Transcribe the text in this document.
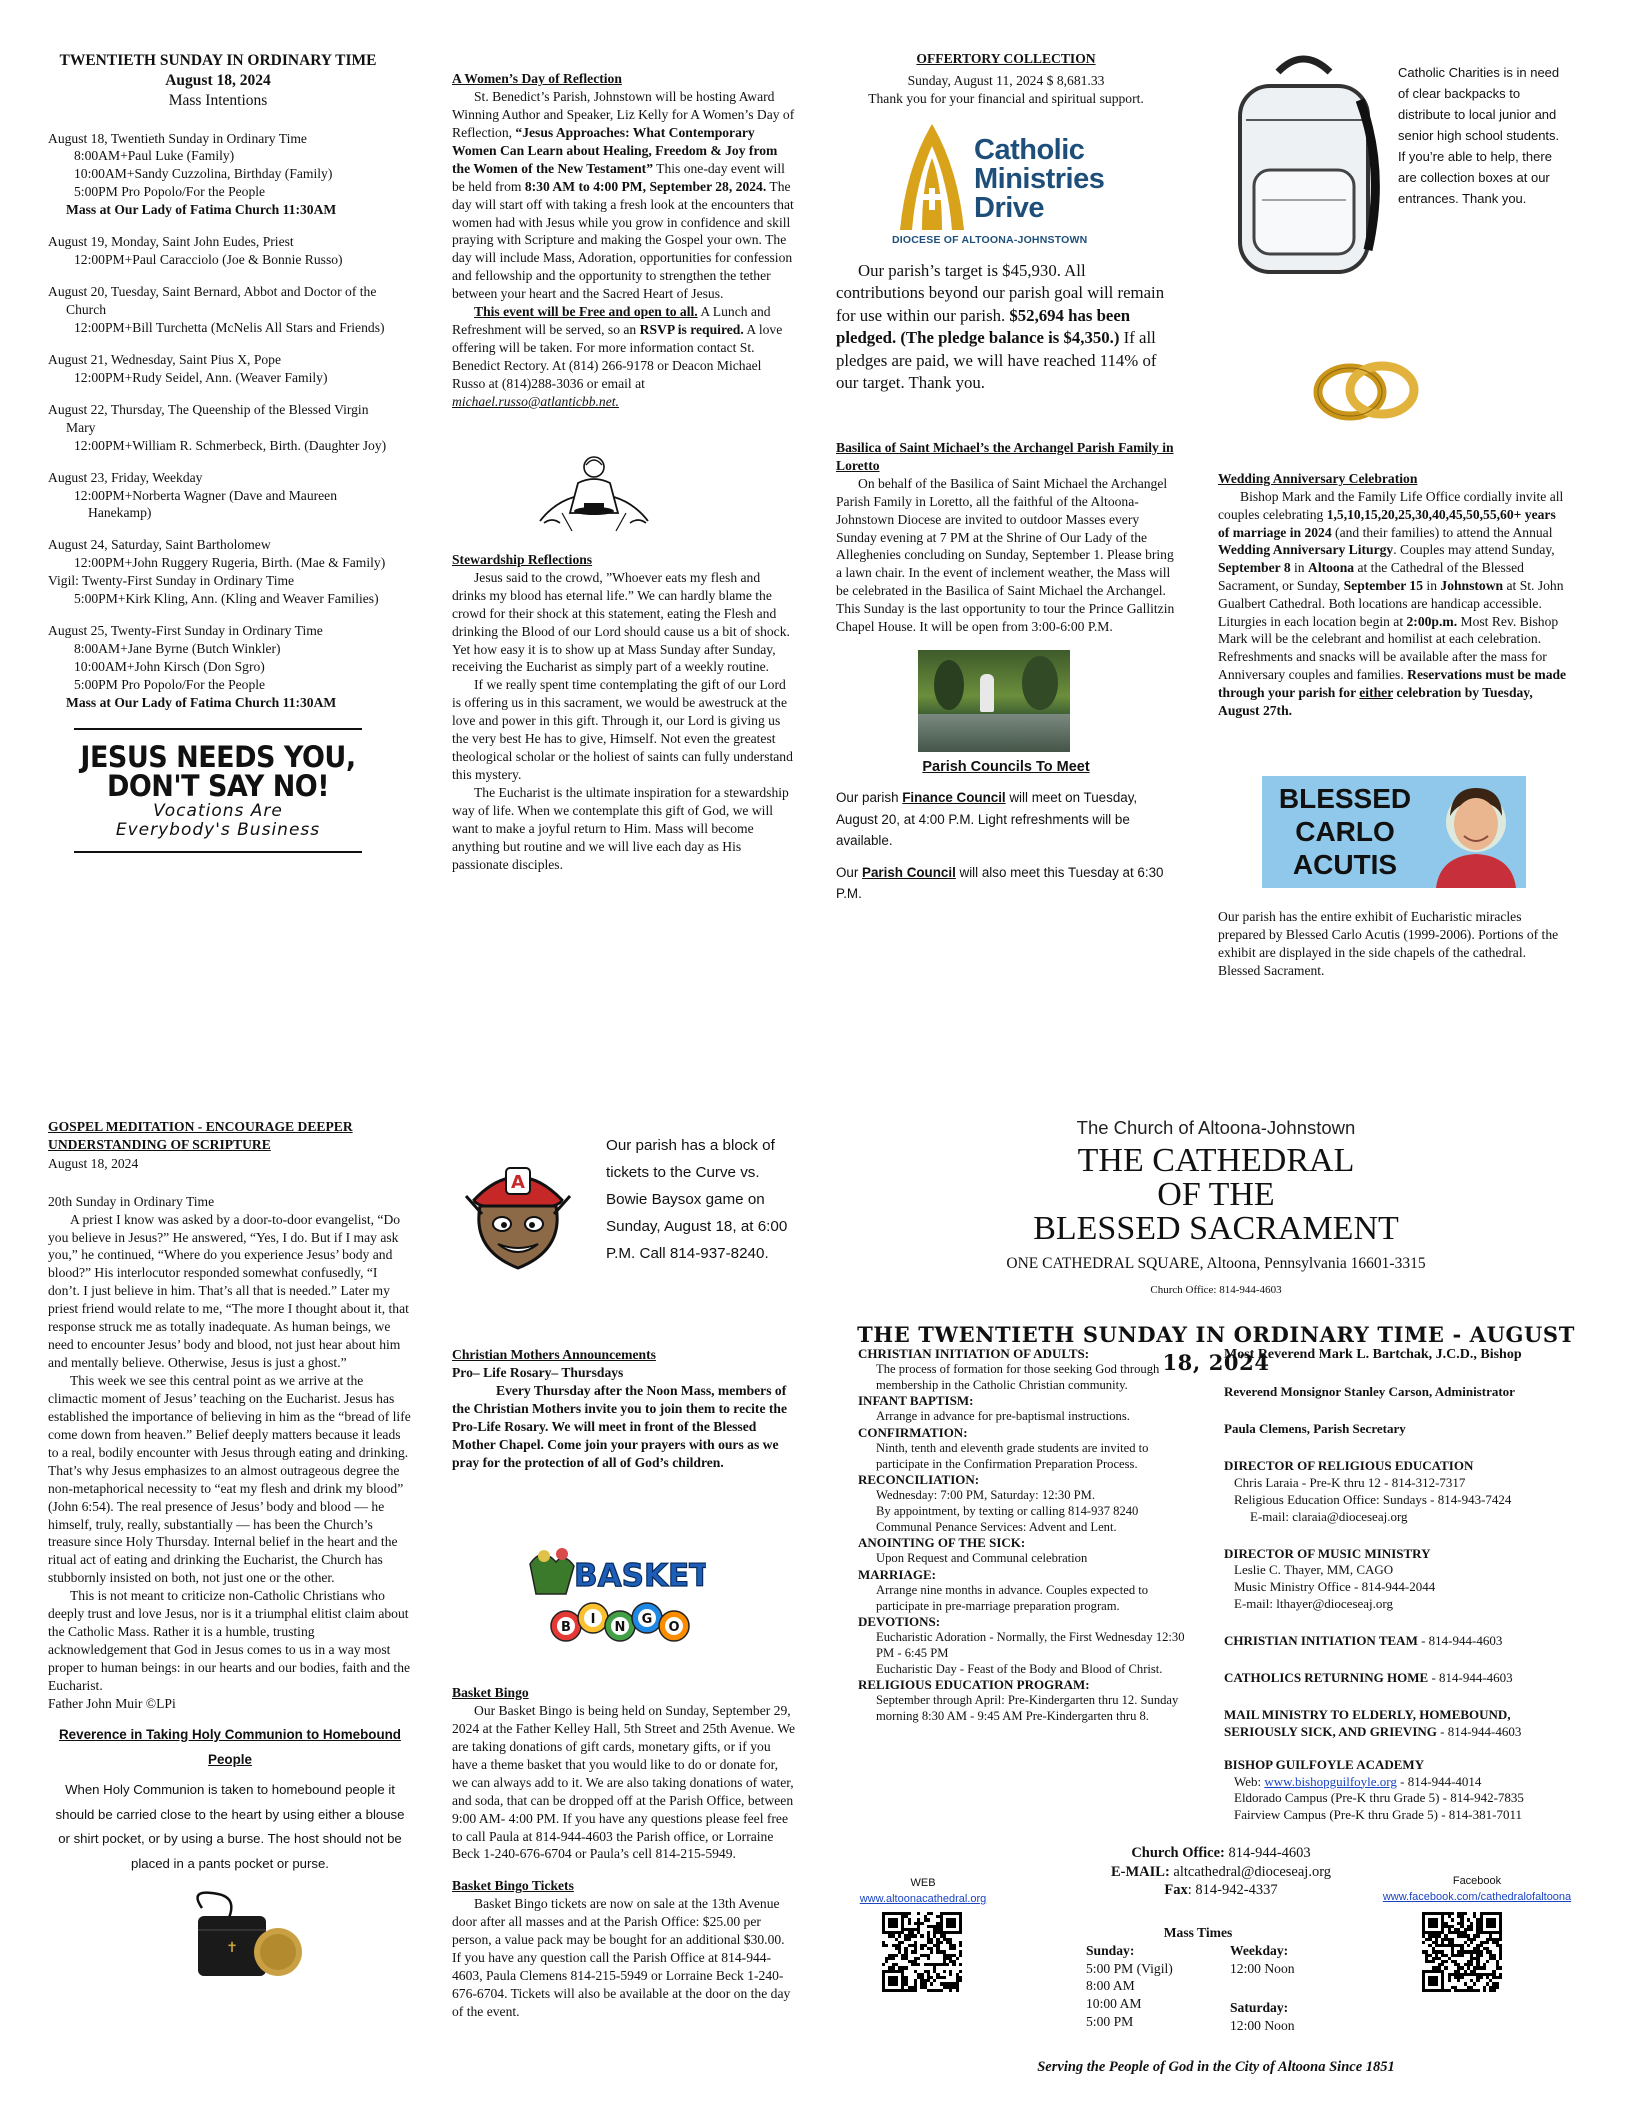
TWENTIETH SUNDAY IN ORDINARY TIME
August 18, 2024
Mass Intentions

August 18, Twentieth Sunday in Ordinary Time

8:00AM+Paul Luke (Family)

10:00AM+Sandy Cuzzolina, Birthday (Family)

5:00PM Pro Popolo/For the People

Mass at Our Lady of Fatima Church 11:30AM

August 19, Monday, Saint John Eudes, Priest

12:00PM+Paul Caracciolo (Joe & Bonnie Russo)

August 20, Tuesday, Saint Bernard, Abbot and Doctor of the Church

12:00PM+Bill Turchetta (McNelis All Stars and Friends)

August 21, Wednesday, Saint Pius X, Pope

12:00PM+Rudy Seidel, Ann. (Weaver Family)

August 22, Thursday, The Queenship of the Blessed Virgin Mary

12:00PM+William R. Schmerbeck, Birth. (Daughter Joy)

August 23, Friday, Weekday

12:00PM+Norberta Wagner (Dave and Maureen Hanekamp)

August 24, Saturday, Saint Bartholomew

12:00PM+John Ruggery Rugeria, Birth. (Mae & Family)

Vigil: Twenty-First Sunday in Ordinary Time

5:00PM+Kirk Kling, Ann. (Kling and Weaver Families)

August 25, Twenty-First Sunday in Ordinary Time

8:00AM+Jane Byrne (Butch Winkler)

10:00AM+John Kirsch (Don Sgro)

5:00PM Pro Popolo/For the People

Mass at Our Lady of Fatima Church 11:30AM

JESUS NEEDS YOU,
DON'T SAY NO!
Vocations Are
Everybody's Business
A Women’s Day of Reflection

St. Benedict’s Parish, Johnstown will be hosting Award Winning Author and Speaker, Liz Kelly for A Women’s Day of Reflection, “Jesus Approaches: What Contemporary Women Can Learn about Healing, Freedom & Joy from the Women of the New Testament” This one-day event will be held from 8:30 AM to 4:00 PM, September 28, 2024. The day will start off with taking a fresh look at the encounters that women had with Jesus while you grow in confidence and skill praying with Scripture and making the Gospel your own. The day will include Mass, Adoration, opportunities for confession and fellowship and the opportunity to strengthen the tether between your heart and the Sacred Heart of Jesus.

This event will be Free and open to all. A Lunch and Refreshment will be served, so an RSVP is required. A love offering will be taken. For more information contact St. Benedict Rectory. At (814) 266-9178 or Deacon Michael Russo at (814)288-3036 or email at michael.russo@atlanticbb.net.

Stewardship Reflections

Jesus said to the crowd, ”Whoever eats my flesh and drinks my blood has eternal life.” We can hardly blame the crowd for their shock at this statement, eating the Flesh and drinking the Blood of our Lord should cause us a bit of shock. Yet how easy it is to show up at Mass Sunday after Sunday, receiving the Eucharist as simply part of a weekly routine.

If we really spent time contemplating the gift of our Lord is offering us in this sacrament, we would be awestruck at the love and power in this gift. Through it, our Lord is giving us the very best He has to give, Himself. Not even the greatest theological scholar or the holiest of saints can fully understand this mystery.

The Eucharist is the ultimate inspiration for a stewardship way of life. When we contemplate this gift of God, we will want to make a joyful return to Him. Mass will become anything but routine and we will live each day as His passionate disciples.

OFFERTORY COLLECTION
Sunday, August 11, 2024 $ 8,681.33
Thank you for your financial and spiritual support.
Catholic
Ministries
Drive
DIOCESE OF ALTOONA-JOHNSTOWN

Our parish’s target is $45,930. All contributions beyond our parish goal will remain for use within our parish. $52,694 has been pledged. (The pledge balance is $4,350.) If all pledges are paid, we will have reached 114% of our target. Thank you.

Basilica of Saint Michael’s the Archangel Parish Family in Loretto

On behalf of the Basilica of Saint Michael the Archangel Parish Family in Loretto, all the faithful of the Altoona-Johnstown Diocese are invited to outdoor Masses every Sunday evening at 7 PM at the Shrine of Our Lady of the Alleghenies concluding on Sunday, September 1. Please bring a lawn chair. In the event of inclement weather, the Mass will be celebrated in the Basilica of Saint Michael the Archangel. This Sunday is the last opportunity to tour the Prince Gallitzin Chapel House. It will be open from 3:00-6:00 P.M.

Parish Councils To Meet

Our parish Finance Council will meet on Tuesday, August 20, at 4:00 P.M. Light refreshments will be available.

Our Parish Council will also meet this Tuesday at 6:30 P.M.

Catholic Charities is in need of clear backpacks to distribute to local junior and senior high school students. If you’re able to help, there are collection boxes at our entrances. Thank you.
Wedding Anniversary Celebration

Bishop Mark and the Family Life Office cordially invite all couples celebrating 1,5,10,15,20,25,30,40,45,50,55,60+ years of marriage in 2024 (and their families) to attend the Annual Wedding Anniversary Liturgy. Couples may attend Sunday, September 8 in Altoona at the Cathedral of the Blessed Sacrament, or Sunday, September 15 in Johnstown at St. John Gualbert Cathedral. Both locations are handicap accessible. Liturgies in each location begin at 2:00p.m. Most Rev. Bishop Mark will be the celebrant and homilist at each celebration. Refreshments and snacks will be available after the mass for Anniversary couples and families. Reservations must be made through your parish for either celebration by Tuesday, August 27th.

BLESSED
CARLO
ACUTIS

Our parish has the entire exhibit of Eucharistic miracles prepared by Blessed Carlo Acutis (1999-2006). Portions of the exhibit are displayed in the side chapels of the cathedral. Blessed Sacrament.

GOSPEL MEDITATION - ENCOURAGE DEEPER UNDERSTANDING OF SCRIPTURE
August 18, 2024
20th Sunday in Ordinary Time

A priest I know was asked by a door-to-door evangelist, “Do you believe in Jesus?” He answered, “Yes, I do. But if I may ask you,” he continued, “Where do you experience Jesus’ body and blood?” His interlocutor responded somewhat confusedly, “I don’t. I just believe in him. That’s all that is needed.” Later my priest friend would relate to me, “The more I thought about it, that response struck me as totally inadequate. As human beings, we need to encounter Jesus’ body and blood, not just hear about him and mentally believe. Otherwise, Jesus is just a ghost.”

This week we see this central point as we arrive at the climactic moment of Jesus’ teaching on the Eucharist. Jesus has established the importance of believing in him as the “bread of life come down from heaven.” Belief deeply matters because it leads to a real, bodily encounter with Jesus through eating and drinking. That’s why Jesus emphasizes to an almost outrageous degree the non-metaphorical necessity to “eat my flesh and drink my blood” (John 6:54). The real presence of Jesus’ body and blood — he himself, truly, really, substantially — has been the Church’s treasure since Holy Thursday. Internal belief in the heart and the ritual act of eating and drinking the Eucharist, the Church has stubbornly insisted on both, not just one or the other.

This is not meant to criticize non-Catholic Christians who deeply trust and love Jesus, nor is it a triumphal elitist claim about the Catholic Mass. Rather it is a humble, trusting acknowledgement that God in Jesus comes to us in a way most proper to human beings: in our hearts and our bodies, faith and the Eucharist.

Father John Muir ©LPi
Reverence in Taking Holy Communion to Homebound People

When Holy Communion is taken to homebound people it should be carried close to the heart by using either a blouse or shirt pocket, or by using a burse. The host should not be placed in a pants pocket or purse.

✝
A
Our parish has a block of tickets to the Curve vs. Bowie Baysox game on Sunday, August 18, at 6:00 P.M. Call 814-937-8240.
Christian Mothers Announcements
Pro– Life Rosary– Thursdays

Every Thursday after the Noon Mass, members of the Christian Mothers invite you to join them to recite the Pro-Life Rosary. We will meet in front of the Blessed Mother Chapel. Come join your prayers with ours as we pray for the protection of all of God’s children.

BASKET
B
I
N
G
O
Basket Bingo

Our Basket Bingo is being held on Sunday, September 29, 2024 at the Father Kelley Hall, 5th Street and 25th Avenue. We are taking donations of gift cards, monetary gifts, or if you have a theme basket that you would like to do or donate for, we can always add to it. We are also taking donations of water, and soda, that can be dropped off at the Parish Office, between 9:00 AM- 4:00 PM. If you have any questions please feel free to call Paula at 814-944-4603 the Parish office, or Lorraine Beck 1-240-676-6704 or Paula’s cell 814-215-5949.

Basket Bingo Tickets

Basket Bingo tickets are now on sale at the 13th Avenue door after all masses and at the Parish Office: $25.00 per person, a value pack may be bought for an additional $30.00. If you have any question call the Parish Office at 814-944-4603, Paula Clemens 814-215-5949 or Lorraine Beck 1-240-676-6704. Tickets will also be available at the door on the day of the event.

The Church of Altoona-Johnstown
THE CATHEDRAL
OF THE
BLESSED SACRAMENT
ONE CATHEDRAL SQUARE, Altoona, Pennsylvania 16601-3315
Church Office: 814-944-4603
THE TWENTIETH SUNDAY IN ORDINARY TIME - AUGUST 18, 2024
CHRISTIAN INITIATION OF ADULTS:
The process of formation for those seeking God through membership in the Catholic Christian community.
INFANT BAPTISM:
Arrange in advance for pre-baptismal instructions.
CONFIRMATION:
Ninth, tenth and eleventh grade students are invited to participate in the Confirmation Preparation Process.
RECONCILIATION:
Wednesday: 7:00 PM, Saturday: 12:30 PM.
By appointment, by texting or calling 814-937 8240 Communal Penance Services: Advent and Lent.
ANOINTING OF THE SICK:
Upon Request and Communal celebration
MARRIAGE:
Arrange nine months in advance. Couples expected to participate in pre-marriage preparation program.
DEVOTIONS:
Eucharistic Adoration - Normally, the First Wednesday 12:30 PM - 6:45 PM
Eucharistic Day - Feast of the Body and Blood of Christ.
RELIGIOUS EDUCATION PROGRAM:
September through April: Pre-Kindergarten thru 12. Sunday morning 8:30 AM - 9:45 AM Pre-Kindergarten thru 8.
Most Reverend Mark L. Bartchak, J.C.D., Bishop
Reverend Monsignor Stanley Carson, Administrator
Paula Clemens, Parish Secretary
DIRECTOR OF RELIGIOUS EDUCATION
Chris Laraia - Pre-K thru 12 - 814-312-7317
Religious Education Office: Sundays - 814-943-7424
E-mail: claraia@dioceseaj.org
DIRECTOR OF MUSIC MINISTRY
Leslie C. Thayer, MM, CAGO
Music Ministry Office - 814-944-2044
E-mail: lthayer@dioceseaj.org
CHRISTIAN INITIATION TEAM - 814-944-4603
CATHOLICS RETURNING HOME - 814-944-4603
MAIL MINISTRY TO ELDERLY, HOMEBOUND, SERIOUSLY SICK, AND GRIEVING - 814-944-4603
BISHOP GUILFOYLE ACADEMY
Web: www.bishopguilfoyle.org - 814-944-4014
Eldorado Campus (Pre-K thru Grade 5) - 814-942-7835
Fairview Campus (Pre-K thru Grade 5) - 814-381-7011
Church Office: 814-944-4603
E-MAIL: altcathedral@dioceseaj.org
Fax: 814-942-4337
WEB
www.altoonacathedral.org
Facebook
www.facebook.com/cathedralofaltoona
Mass Times
Sunday:
5:00 PM (Vigil)
8:00 AM
10:00 AM
5:00 PM
Weekday:
12:00 Noon
Saturday:
12:00 Noon
Serving the People of God in the City of Altoona Since 1851
